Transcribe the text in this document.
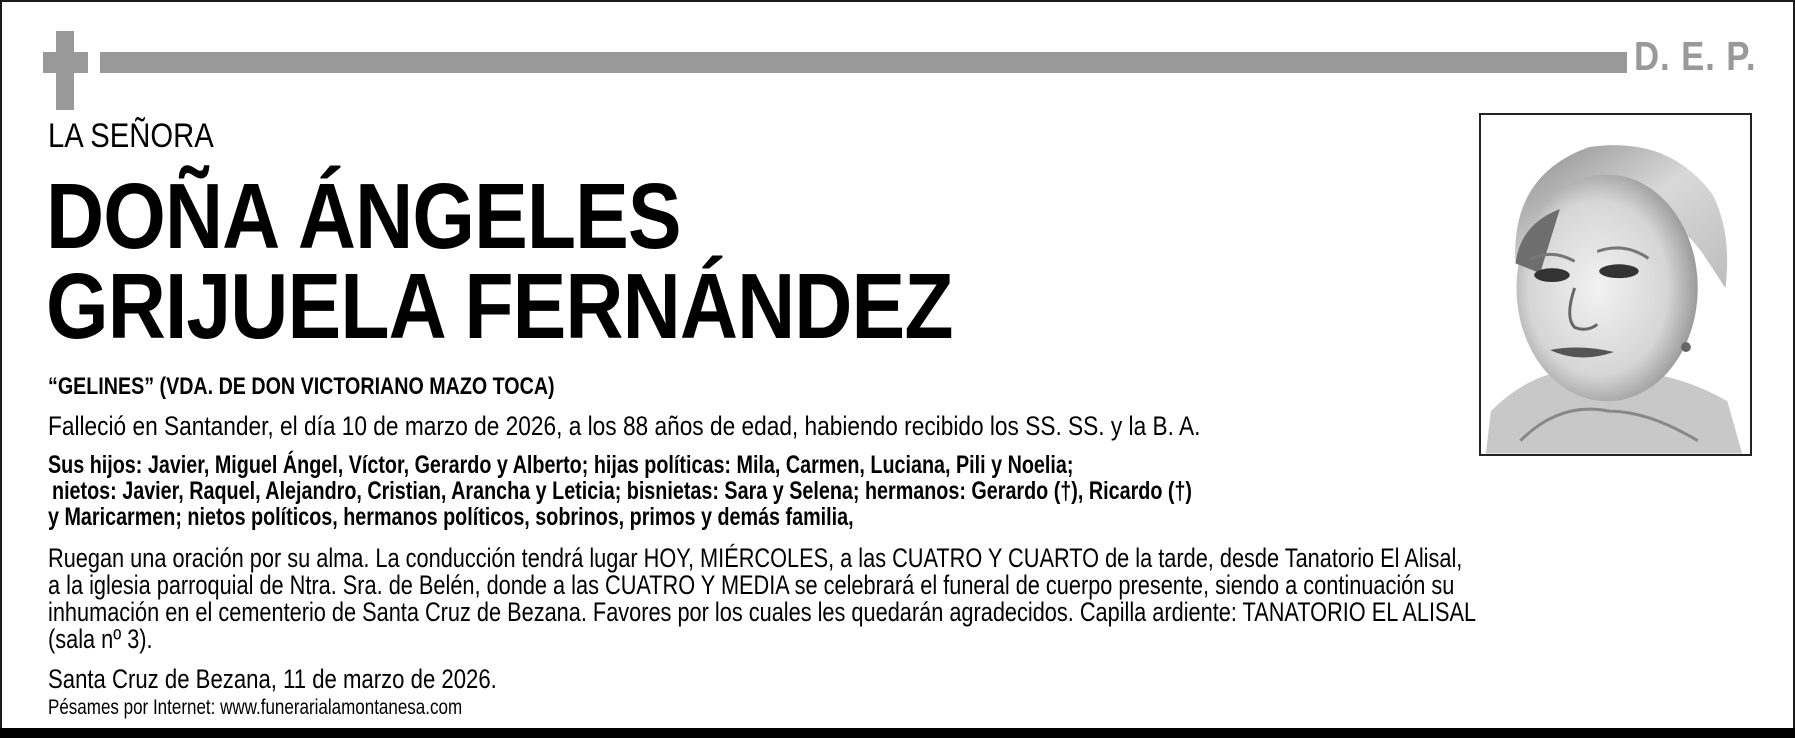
D. E. P.
LA SEÑORA
DOÑA ÁNGELES
GRIJUELA FERNÁNDEZ
“GELINES” (VDA. DE DON VICTORIANO MAZO TOCA)
Falleció en Santander, el día 10 de marzo de 2026, a los 88 años de edad, habiendo recibido los SS. SS. y la B. A.
Sus hijos: Javier, Miguel Ángel, Víctor, Gerardo y Alberto; hijas políticas: Mila, Carmen, Luciana, Pili y Noelia;
nietos: Javier, Raquel, Alejandro, Cristian, Arancha y Leticia; bisnietas: Sara y Selena; hermanos: Gerardo (†), Ricardo (†)
y Maricarmen; nietos políticos, hermanos políticos, sobrinos, primos y demás familia,
Ruegan una oración por su alma. La conducción tendrá lugar HOY, MIÉRCOLES, a las CUATRO Y CUARTO de la tarde, desde Tanatorio El Alisal,
a la iglesia parroquial de Ntra. Sra. de Belén, donde a las CUATRO Y MEDIA se celebrará el funeral de cuerpo presente, siendo a continuación su
inhumación en el cementerio de Santa Cruz de Bezana. Favores por los cuales les quedarán agradecidos. Capilla ardiente: TANATORIO EL ALISAL
(sala nº 3).
Santa Cruz de Bezana, 11 de marzo de 2026.
Pésames por Internet: www.funerarialamontanesa.com
